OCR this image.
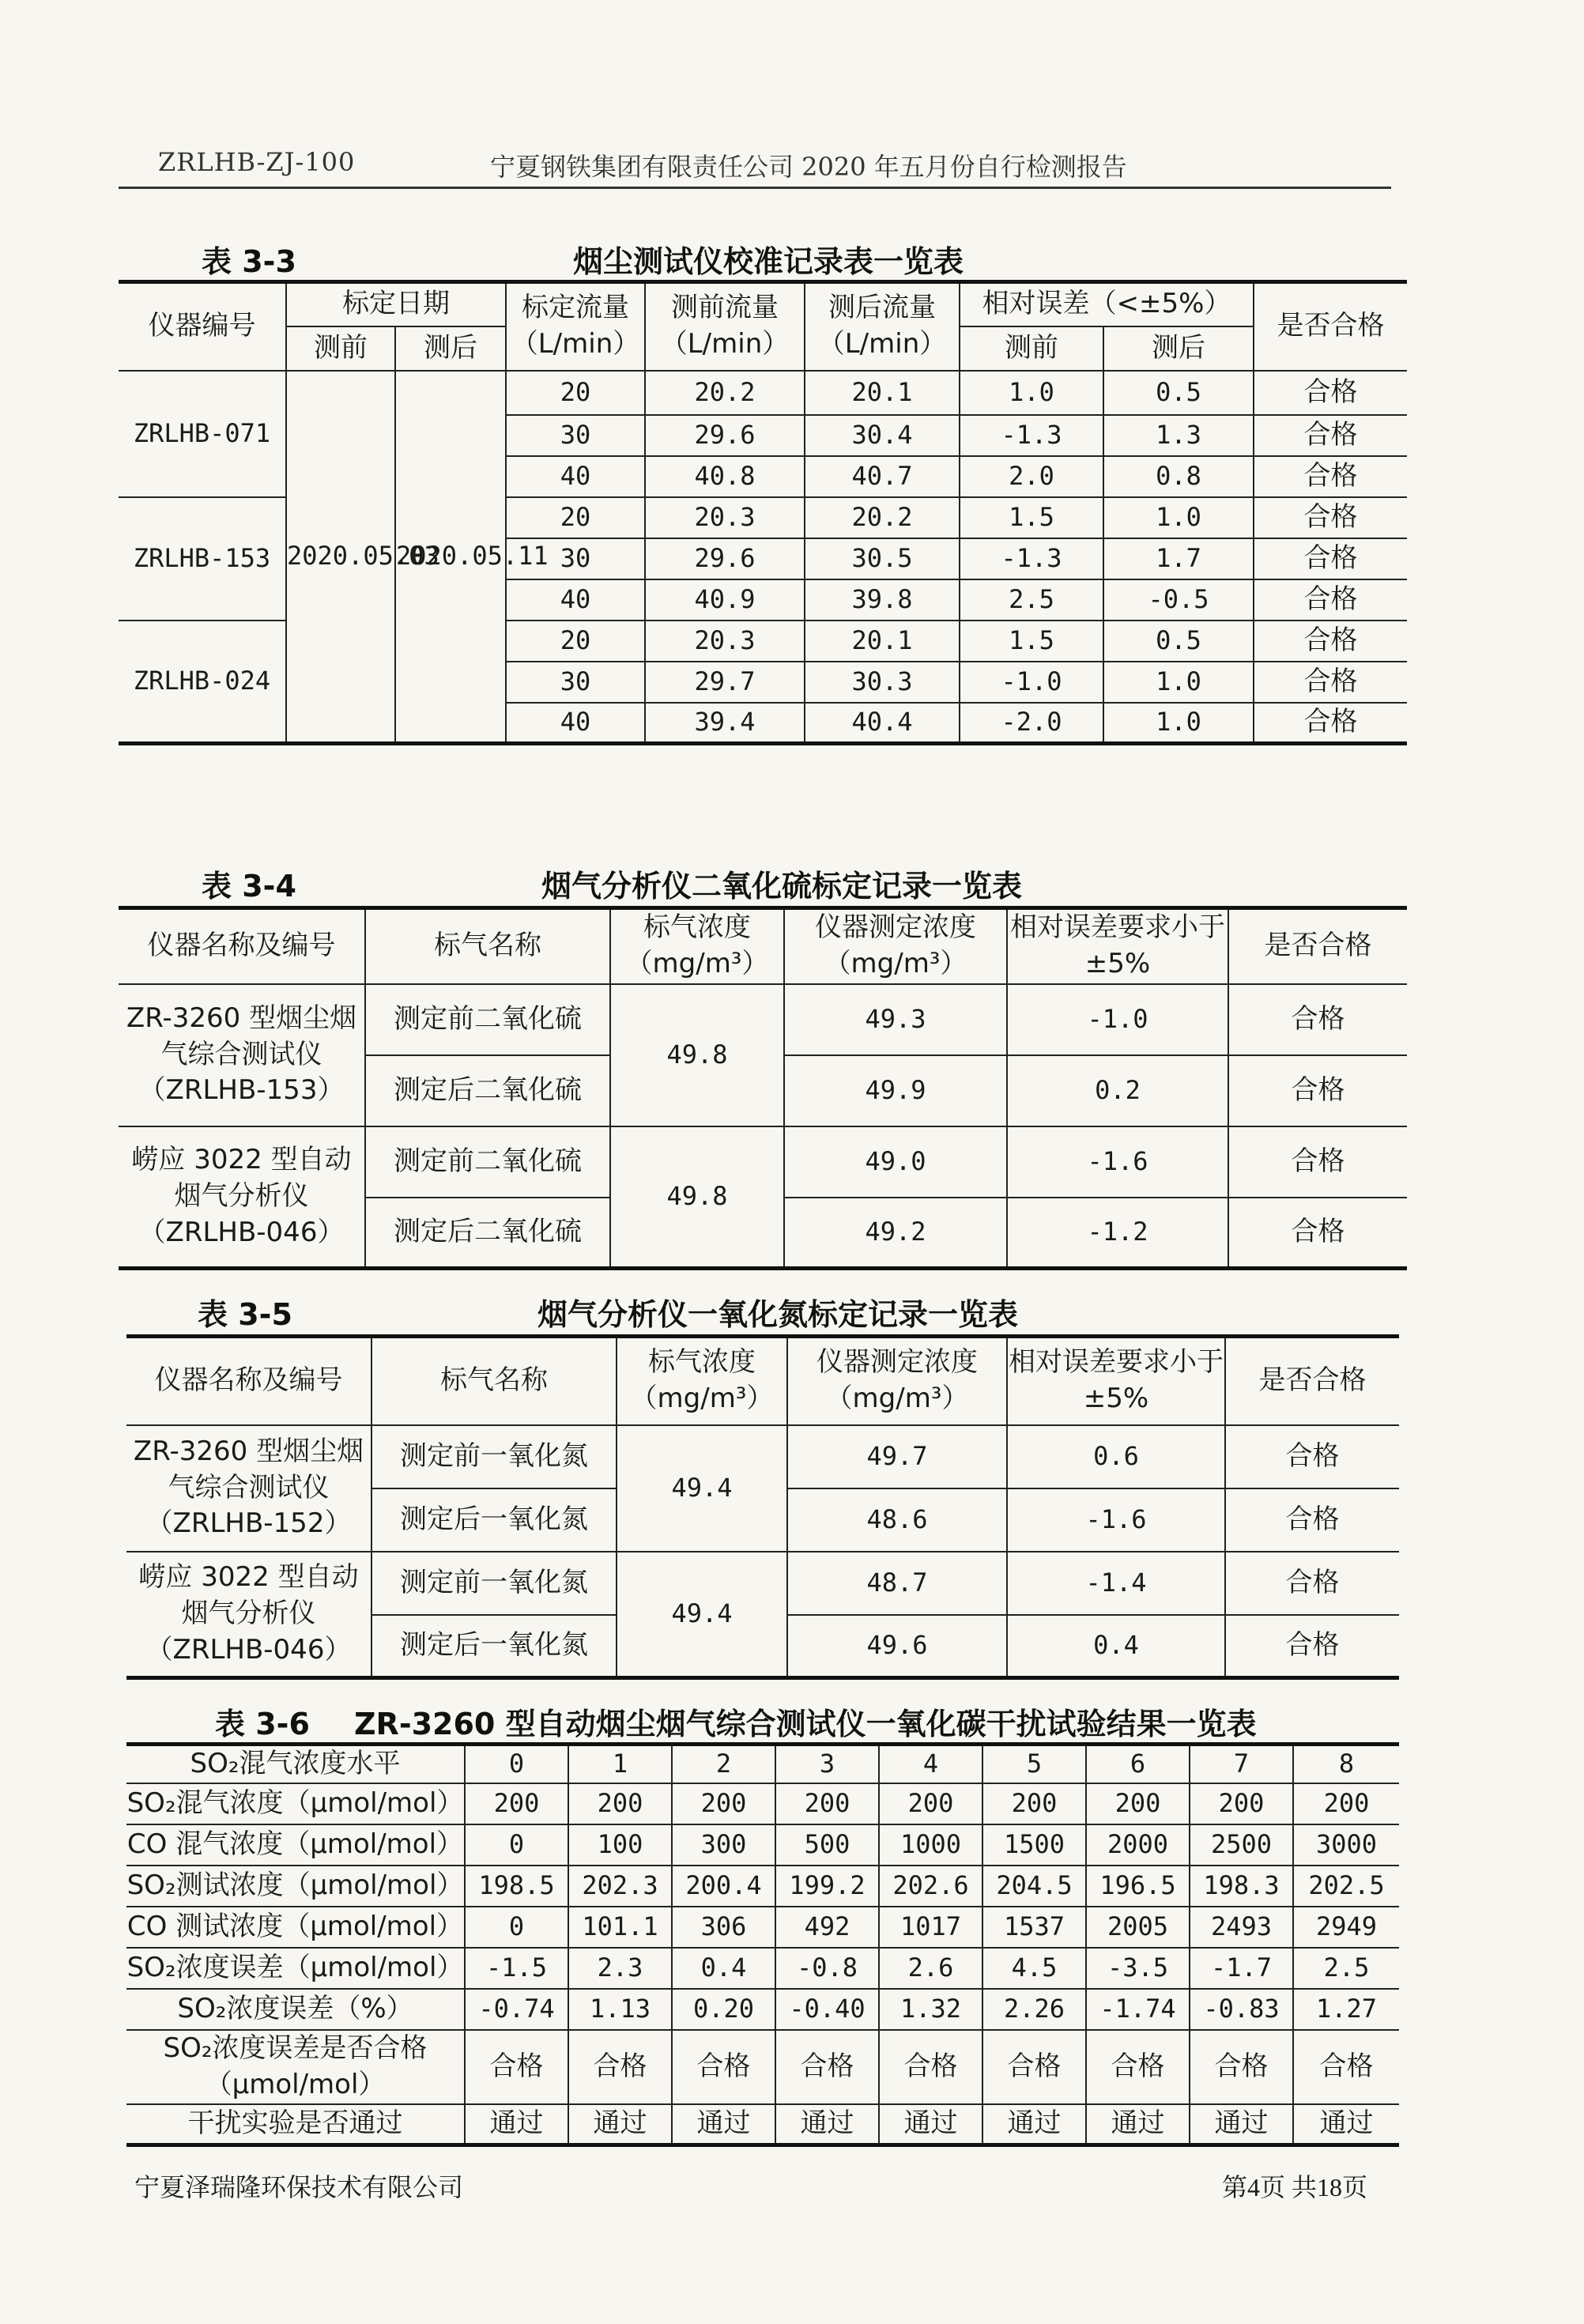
ZRLHB-ZJ-100	宁夏钢铁集团有限责任公司 2020 年五月份自行检测报告
表 3-3	烟尘测试仪校准记录表一览表
仪器编号	标定日期		标定流量（L/min）	测前流量（L/min）	测后流量（L/min）	相对误差（<±5%）		是否合格
	测前	测后				测前	测后	
ZRLHB-071	2020.05.03	2020.05.11	20	20.2	20.1	1.0	0.5	合格
			30	29.6	30.4	-1.3	1.3	合格
			40	40.8	40.7	2.0	0.8	合格
ZRLHB-153			20	20.3	20.2	1.5	1.0	合格
			30	29.6	30.5	-1.3	1.7	合格
			40	40.9	39.8	2.5	-0.5	合格
ZRLHB-024			20	20.3	20.1	1.5	0.5	合格
			30	29.7	30.3	-1.0	1.0	合格
			40	39.4	40.4	-2.0	1.0	合格
表 3-4	烟气分析仪二氧化硫标定记录一览表
仪器名称及编号	标气名称	标气浓度（mg/m³）	仪器测定浓度（mg/m³）	相对误差要求小于±5%	是否合格
ZR-3260 型烟尘烟气综合测试仪（ZRLHB-153）	测定前二氧化硫	49.8	49.3	-1.0	合格
	测定后二氧化硫		49.9	0.2	合格
崂应 3022 型自动烟气分析仪（ZRLHB-046）	测定前二氧化硫	49.8	49.0	-1.6	合格
	测定后二氧化硫		49.2	-1.2	合格
表 3-5	烟气分析仪一氧化氮标定记录一览表
仪器名称及编号	标气名称	标气浓度（mg/m³）	仪器测定浓度（mg/m³）	相对误差要求小于±5%	是否合格
ZR-3260 型烟尘烟气综合测试仪（ZRLHB-152）	测定前一氧化氮	49.4	49.7	0.6	合格
	测定后一氧化氮		48.6	-1.6	合格
崂应 3022 型自动烟气分析仪（ZRLHB-046）	测定前一氧化氮	49.4	48.7	-1.4	合格
	测定后一氧化氮		49.6	0.4	合格
表 3-6 ZR-3260 型自动烟尘烟气综合测试仪一氧化碳干扰试验结果一览表
SO₂混气浓度水平	0	1	2	3	4	5	6	7	8
SO₂混气浓度（μmol/mol）	200	200	200	200	200	200	200	200	200
CO 混气浓度（μmol/mol）	0	100	300	500	1000	1500	2000	2500	3000
SO₂测试浓度（μmol/mol）	198.5	202.3	200.4	199.2	202.6	204.5	196.5	198.3	202.5
CO 测试浓度（μmol/mol）	0	101.1	306	492	1017	1537	2005	2493	2949
SO₂浓度误差（μmol/mol）	-1.5	2.3	0.4	-0.8	2.6	4.5	-3.5	-1.7	2.5
SO₂浓度误差（%）	-0.74	1.13	0.20	-0.40	1.32	2.26	-1.74	-0.83	1.27
SO₂浓度误差是否合格（μmol/mol）	合格	合格	合格	合格	合格	合格	合格	合格	合格
干扰实验是否通过	通过	通过	通过	通过	通过	通过	通过	通过	通过
宁夏泽瑞隆环保技术有限公司	第4页 共18页
